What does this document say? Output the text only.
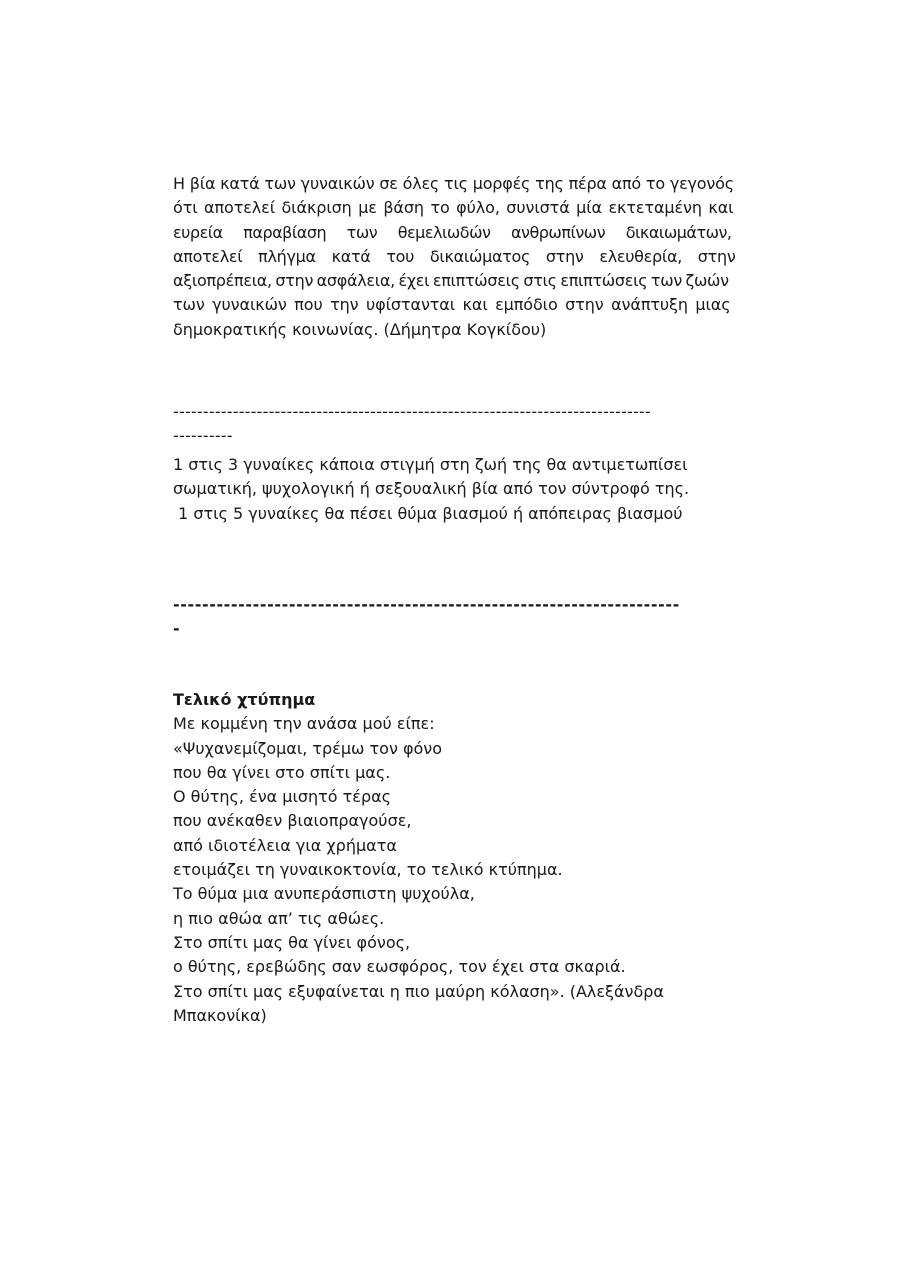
Η βία κατά των γυναικών σε όλες τις μορφές της πέρα από το γεγονός
ότι αποτελεί διάκριση με βάση το φύλο, συνιστά μία εκτεταμένη και
ευρεία παραβίαση των θεμελιωδών ανθρωπίνων δικαιωμάτων,
αποτελεί πλήγμα κατά του δικαιώματος στην ελευθερία, στην
αξιοπρέπεια, στην ασφάλεια, έχει επιπτώσεις στις επιπτώσεις των ζωών
των γυναικών που την υφίστανται και εμπόδιο στην ανάπτυξη μιας
δημοκρατικής κοινωνίας. (Δήμητρα Κογκίδου)
--------------------------------------------------------------------------------
----------
1 στις 3 γυναίκες κάποια στιγμή στη ζωή της θα αντιμετωπίσει
σωματική, ψυχολογική ή σεξουαλική βία από τον σύντροφό της.
1 στις 5 γυναίκες θα πέσει θύμα βιασμού ή απόπειρας βιασμού
----------------------------------------------------------------------
-
Τελικό χτύπημα
Με κομμένη την ανάσα μού είπε:
«Ψυχανεμίζομαι, τρέμω τον φόνο
που θα γίνει στο σπίτι μας.
Ο θύτης, ένα μισητό τέρας
που ανέκαθεν βιαιοπραγούσε,
από ιδιοτέλεια για χρήματα
ετοιμάζει τη γυναικοκτονία, το τελικό κτύπημα.
Το θύμα μια ανυπεράσπιστη ψυχούλα,
η πιο αθώα απ’ τις αθώες.
Στο σπίτι μας θα γίνει φόνος,
ο θύτης, ερεβώδης σαν εωσφόρος, τον έχει στα σκαριά.
Στο σπίτι μας εξυφαίνεται η πιο μαύρη κόλαση». (Αλεξάνδρα
Μπακονίκα)
